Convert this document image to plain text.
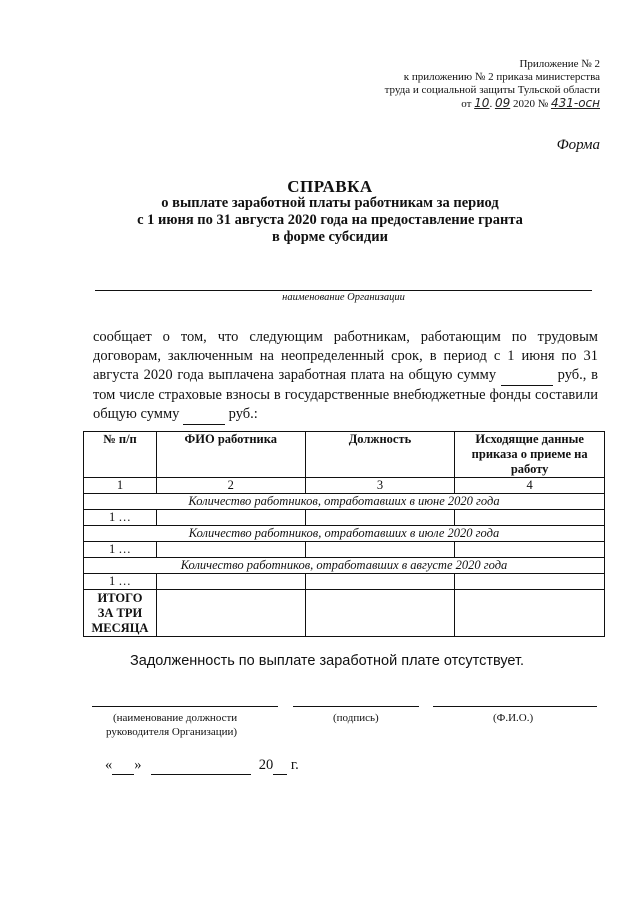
Приложение № 2
к приложению № 2 приказа министерства
труда и социальной защиты Тульской области
от 10. 09 2020 № 431-осн
Форма
СПРАВКА
о выплате заработной платы работникам за период
с 1 июня по 31 августа 2020 года на предоставление гранта
в форме субсидии
наименование Организации
сообщает о том, что следующим работникам, работающим по трудовым договорам, заключенным на неопределенный срок, в период с 1 июня по 31 августа 2020 года выплачена заработная плата на общую сумму	руб., в том числе страховые взносы в государственные внебюджетные фонды составили общую сумму	руб.:
№ п/п	ФИО работника	Должность	Исходящие данные приказа о приеме на работу
1	2	3	4
Количество работников, отработавших в июне 2020 года			
1 …			
Количество работников, отработавших в июле 2020 года			
1 …			
Количество работников, отработавших в августе 2020 года			
1 …			

ИТОГО
ЗА ТРИ
МЕСЯЦА			

Задолженность по выплате заработной плате отсутствует.
(наименование должности
руководителя Организации)
(подпись)	(Ф.И.О.)
« »	20 г.
